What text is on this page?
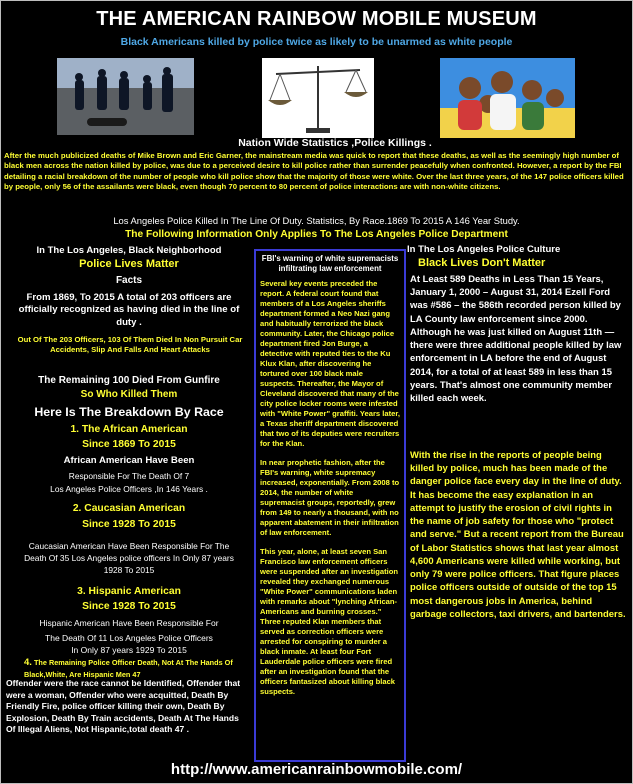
THE AMERICAN RAINBOW MOBILE MUSEUM
Black Americans killed by police twice as likely to be unarmed as white people
Nation Wide Statistics ,Police Killings .
After the much publicized deaths of Mike Brown and Eric Garner, the mainstream media was quick to report that these deaths, as well as the seemingly high number of black men across the nation killed by police, was due to a perceived desire to kill police rather than surrender peacefully when confronted. However, a report by the FBI detailing a racial breakdown of the number of people who kill police show that the majority of those were white. Over the last three years, of the 147 police officers killed by people, only 56 of the assailants were black, even though 70 percent to 80 percent of police interactions are with non-white citizens.
Los Angeles Police Killed In The Line Of Duty. Statistics, By Race.1869 To 2015 A 146 Year Study.
The Following Information Only Applies To The Los Angeles Police Department
In The Los Angeles, Black Neighborhood
Police Lives Matter
Facts
From 1869, To 2015 A total of 203 officers are officially recognized as having died in the line of duty .
Out Of The 203 Officers, 103 Of Them Died In Non Pursuit Car Accidents, Slip And Falls And Heart Attacks
The Remaining 100 Died From Gunfire
So Who Killed Them
Here Is The Breakdown By Race
1. The African American
Since 1869 To 2015
African American Have Been
Responsible For The Death Of 7
Los Angeles Police Officers ,In 146 Years .
2. Caucasian American
Since 1928 To 2015
Caucasian American Have Been Responsible For The Death Of 35 Los Angeles police officers In Only 87 years 1928 To 2015
3. Hispanic American
Since 1928 To 2015
Hispanic American Have Been Responsible For
The Death Of 11 Los Angeles Police Officers
In Only 87 years 1929 To 2015
4. The Remaining Police Officer Death, Not At The Hands Of Black,White, Are Hispanic Men 47
Offender were the race cannot be Identified, Offender that were a woman, Offender who were acquitted, Death By Friendly Fire, police officer killing their own, Death By Explosion, Death By Train accidents, Death At The Hands Of Illegal Aliens, Not Hispanic,total death 47 .
FBI's warning of white supremacists infiltrating law enforcement
Several key events preceded the report. A federal court found that members of a Los Angeles sheriffs department formed a Neo Nazi gang and habitually terrorized the black community. Later, the Chicago police department fired Jon Burge, a detective with reputed ties to the Ku Klux Klan, after discovering he tortured over 100 black male suspects. Thereafter, the Mayor of Cleveland discovered that many of the city police locker rooms were infested with "White Power" graffiti. Years later, a Texas sheriff department discovered that two of its deputies were recruiters for the Klan.
In near prophetic fashion, after the FBI's warning, white supremacy increased, exponentially. From 2008 to 2014, the number of white supremacist groups, reportedly, grew from 149 to nearly a thousand, with no apparent abatement in their infiltration of law enforcement.
This year, alone, at least seven San Francisco law enforcement officers were suspended after an investigation revealed they exchanged numerous "White Power" communications laden with remarks about "lynching African-Americans and burning crosses." Three reputed Klan members that served as correction officers were arrested for conspiring to murder a black inmate. At least four Fort Lauderdale police officers were fired after an investigation found that the officers fantasized about killing black suspects.
In The Los Angeles Police Culture
Black Lives Don't Matter
At Least 589 Deaths in Less Than 15 Years, January 1, 2000 – August 31, 2014 Ezell Ford was #586 – the 586th recorded person killed by LA County law enforcement since 2000. Although he was just killed on August 11th — there were three additional people killed by law enforcement in LA before the end of August 2014, for a total of at least 589 in less than 15 years. That's almost one community member killed each week.
With the rise in the reports of people being killed by police, much has been made of the danger police face every day in the line of duty. It has become the easy explanation in an attempt to justify the erosion of civil rights in the name of job safety for those who "protect and serve." But a recent report from the Bureau of Labor Statistics shows that last year almost 4,600 Americans were killed while working, but only 79 were police officers. That figure places police officers outside of outside of the top 15 most dangerous jobs in America, behind garbage collectors, taxi drivers, and bartenders.
http://www.americanrainbowmobile.com/
